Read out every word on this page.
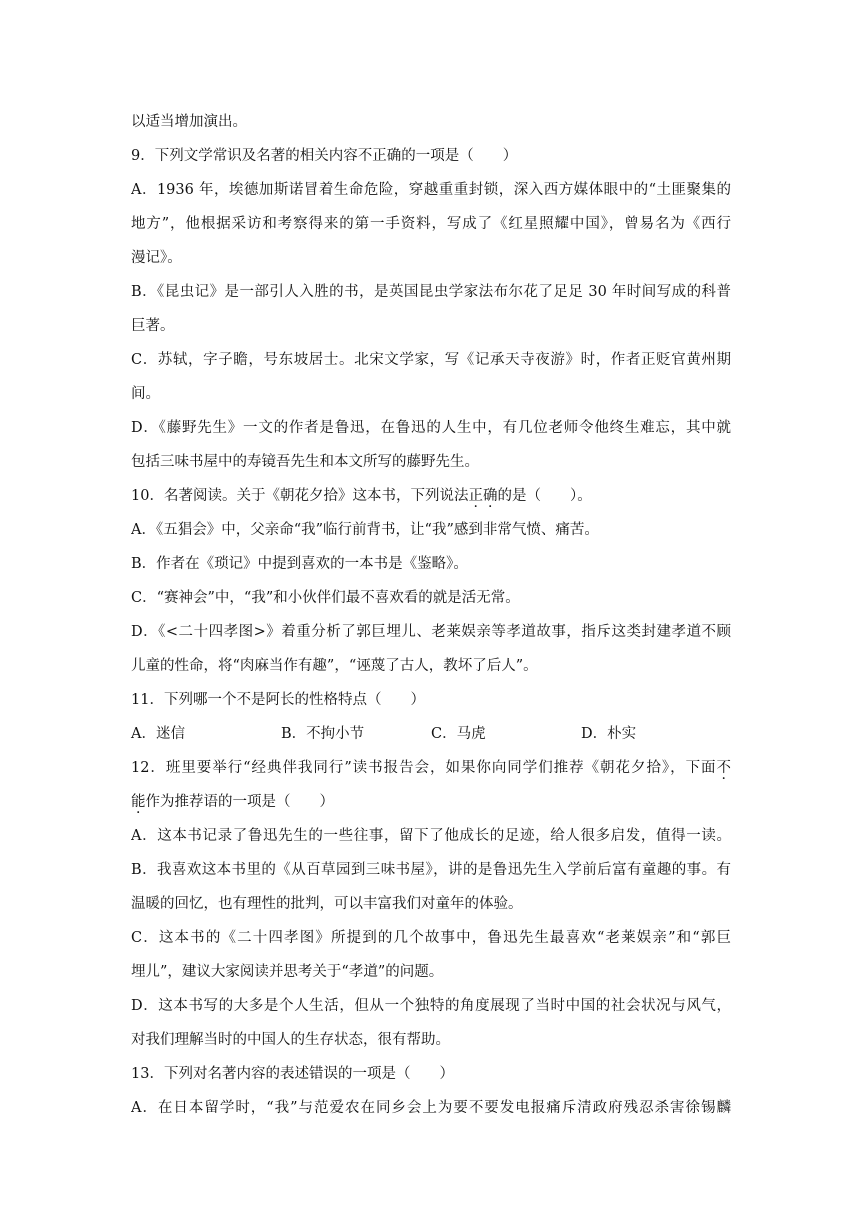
以适当增加演出。
9．下列文学常识及名著的相关内容不正确的一项是（　　）
A．1936 年，埃德加斯诺冒着生命危险，穿越重重封锁，深入西方媒体眼中的“土匪聚集的
地方”，他根据采访和考察得来的第一手资料，写成了《红星照耀中国》，曾易名为《西行
漫记》。
B．《昆虫记》是一部引人入胜的书，是英国昆虫学家法布尔花了足足 30 年时间写成的科普
巨著。
C．苏轼，字子瞻，号东坡居士。北宋文学家，写《记承天寺夜游》时，作者正贬官黄州期
间。
D．《藤野先生》一文的作者是鲁迅，在鲁迅的人生中，有几位老师令他终生难忘，其中就
包括三味书屋中的寿镜吾先生和本文所写的藤野先生。
10．名著阅读。关于《朝花夕拾》这本书，下列说法正确的是（　　）。
A．《五猖会》中，父亲命“我”临行前背书，让“我”感到非常气愤、痛苦。
B．作者在《琐记》中提到喜欢的一本书是《鉴略》。
C．“赛神会”中，“我”和小伙伴们最不喜欢看的就是活无常。
D．《<二十四孝图>》着重分析了郭巨埋儿、老莱娱亲等孝道故事，指斥这类封建孝道不顾
儿童的性命，将“肉麻当作有趣”，“诬蔑了古人，教坏了后人”。
11．下列哪一个不是阿长的性格特点（　　）
A．迷信	B．不拘小节	C．马虎	D．朴实
12．班里要举行“经典伴我同行”读书报告会，如果你向同学们推荐《朝花夕拾》，下面不
能作为推荐语的一项是（　　）
A．这本书记录了鲁迅先生的一些往事，留下了他成长的足迹，给人很多启发，值得一读。
B．我喜欢这本书里的《从百草园到三味书屋》，讲的是鲁迅先生入学前后富有童趣的事。有
温暖的回忆，也有理性的批判，可以丰富我们对童年的体验。
C．这本书的《二十四孝图》所提到的几个故事中，鲁迅先生最喜欢“老莱娱亲”和“郭巨
埋儿”，建议大家阅读并思考关于“孝道”的问题。
D．这本书写的大多是个人生活，但从一个独特的角度展现了当时中国的社会状况与风气，
对我们理解当时的中国人的生存状态，很有帮助。
13．下列对名著内容的表述错误的一项是（　　）
A．在日本留学时，“我”与范爱农在同乡会上为要不要发电报痛斥清政府残忍杀害徐锡麟
